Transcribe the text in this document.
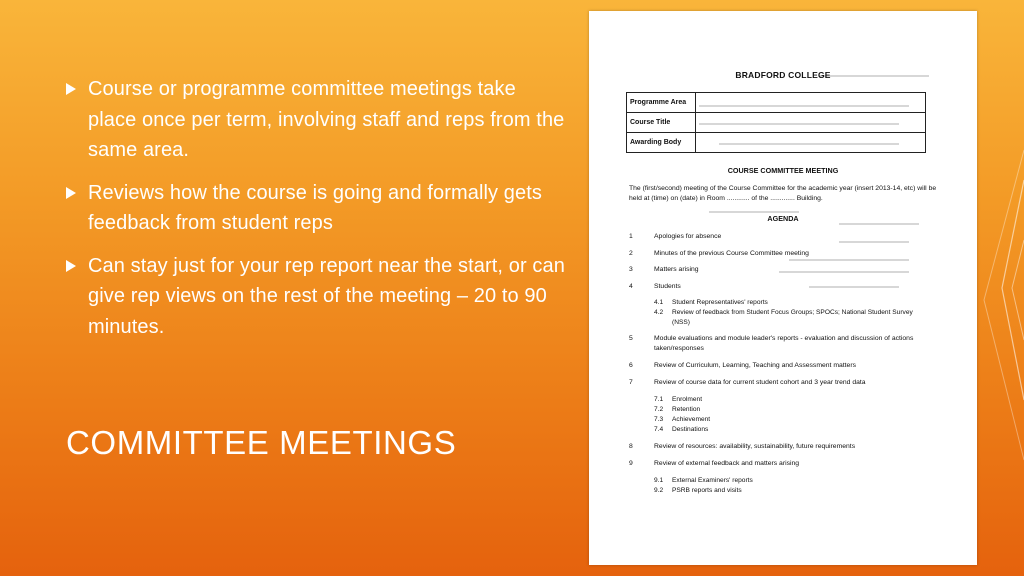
Course or programme committee meetings take place once per term, involving staff and reps from the same area.
Reviews how the course is going and formally gets feedback from student reps
Can stay just for your rep report near the start, or can give rep views on the rest of the meeting – 20 to 90 minutes.
COMMITTEE MEETINGS
BRADFORD COLLEGE
Programme Area	
Course Title	
Awarding Body	
COURSE COMMITTEE MEETING
The (first/second) meeting of the Course Committee for the academic year (insert 2013-14, etc) will be held at (time) on (date) in Room ............ of the ............. Building.
AGENDA
1	Apologies for absence
2	Minutes of the previous Course Committee meeting
3	Matters arising
4	Students
4.1	Student Representatives' reports
4.2	Review of feedback from Student Focus Groups; SPOCs; National Student Survey (NSS)
5	Module evaluations and module leader's reports - evaluation and discussion of actions taken/responses
6	Review of Curriculum, Learning, Teaching and Assessment matters
7	Review of course data for current student cohort and 3 year trend data
7.1	Enrolment
7.2	Retention
7.3	Achievement
7.4	Destinations
8	Review of resources: availability, sustainability, future requirements
9	Review of external feedback and matters arising
9.1	External Examiners' reports
9.2	PSRB reports and visits
